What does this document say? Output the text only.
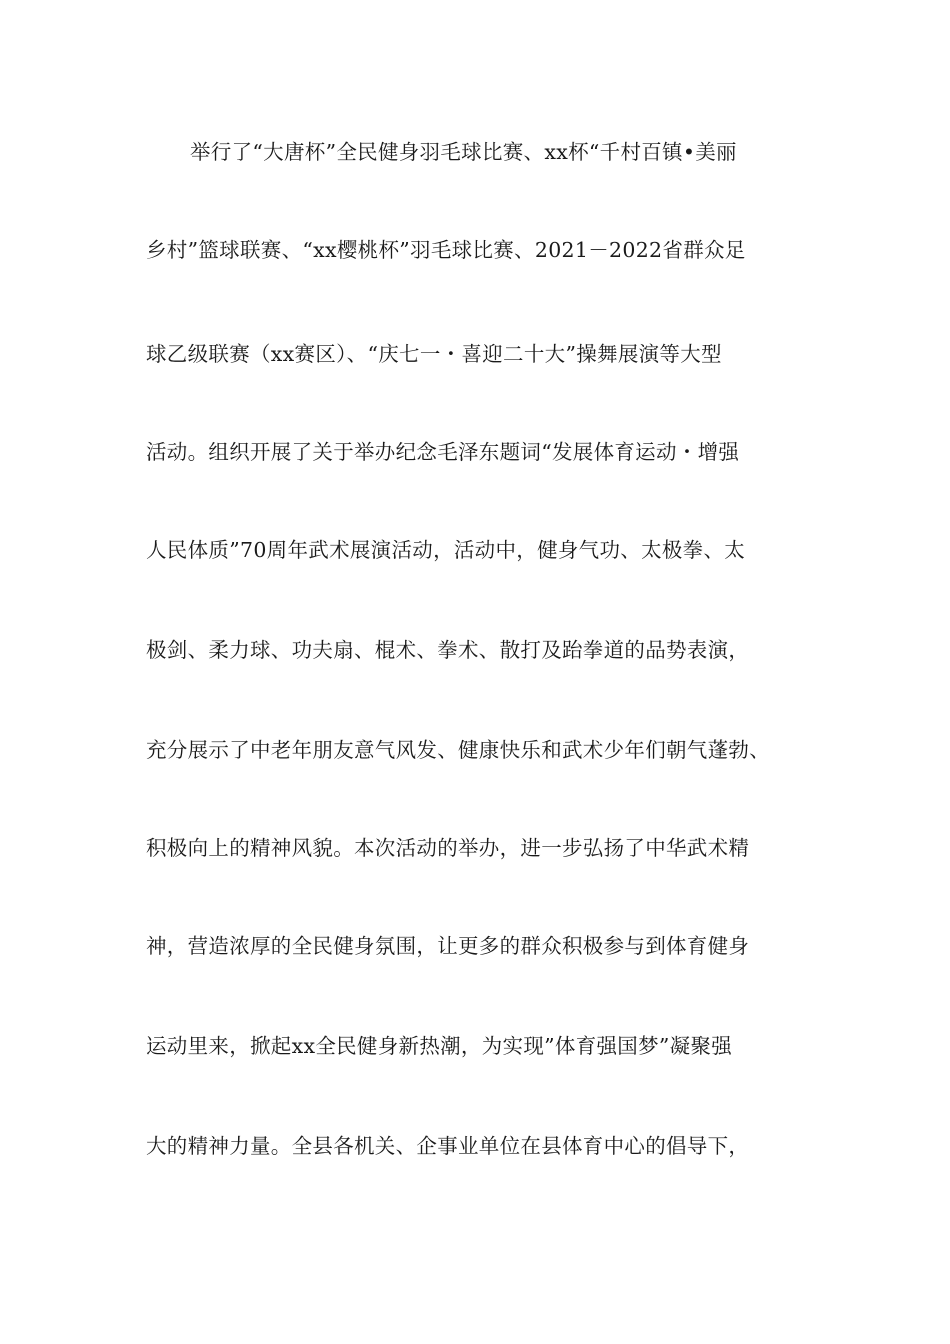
举行了“大唐杯”全民健身羽毛球比赛、xx杯“千村百镇•美丽
乡村”篮球联赛、“xx樱桃杯”羽毛球比赛、2021－2022省群众足
球乙级联赛（xx赛区）、“庆七一・喜迎二十大”操舞展演等大型
活动。组织开展了关于举办纪念毛泽东题词“发展体育运动・增强
人民体质”70周年武术展演活动，活动中，健身气功、太极拳、太
极剑、柔力球、功夫扇、棍术、拳术、散打及跆拳道的品势表演，
充分展示了中老年朋友意气风发、健康快乐和武术少年们朝气蓬勃、
积极向上的精神风貌。本次活动的举办，进一步弘扬了中华武术精
神，营造浓厚的全民健身氛围，让更多的群众积极参与到体育健身
运动里来，掀起xx全民健身新热潮，为实现”体育强国梦”凝聚强
大的精神力量。全县各机关、企事业单位在县体育中心的倡导下，
